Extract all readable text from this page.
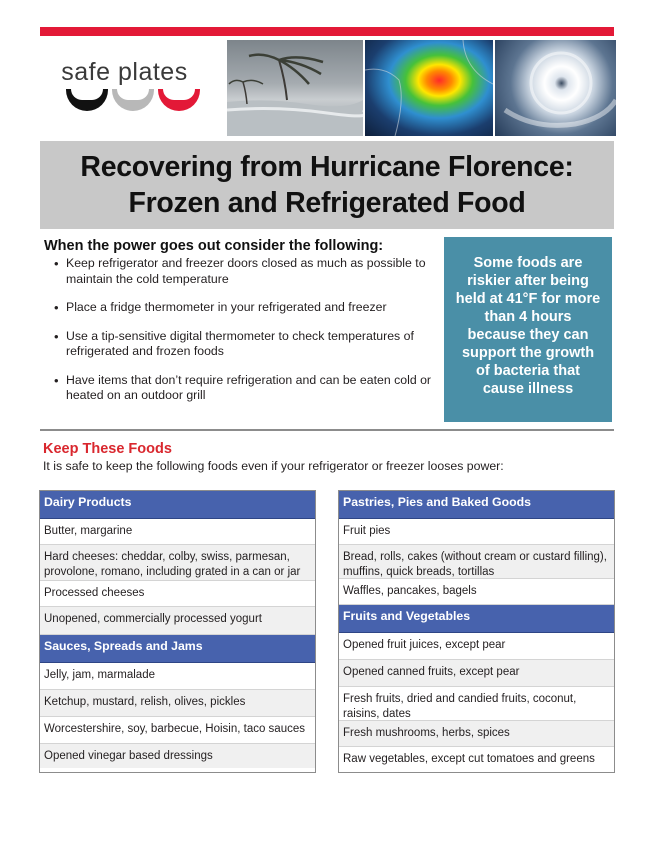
safe plates
Recovering from Hurricane Florence:
Frozen and Refrigerated Food
When the power goes out consider the following:
• Keep refrigerator and freezer doors closed as much as possible to maintain the cold temperature
• Place a fridge thermometer in your refrigerated and freezer
• Use a tip-sensitive digital thermometer to check temperatures of refrigerated and frozen foods
• Have items that don’t require refrigeration and can be eaten cold or heated on an outdoor grill
Some foods are riskier after being held at 41°F for more than 4 hours because they can support the growth of bacteria that cause illness
Keep These Foods
It is safe to keep the following foods even if your refrigerator or freezer looses power:
Dairy Products
Butter, margarine
Hard cheeses: cheddar, colby, swiss, parmesan, provolone, romano, including grated in a can or jar
Processed cheeses
Unopened, commercially processed yogurt
Sauces, Spreads and Jams
Jelly, jam, marmalade
Ketchup, mustard, relish, olives, pickles
Worcestershire, soy, barbecue, Hoisin, taco sauces
Opened vinegar based dressings
Pastries, Pies and Baked Goods
Fruit pies
Bread, rolls, cakes (without cream or custard filling), muffins, quick breads, tortillas
Waffles, pancakes, bagels
Fruits and Vegetables
Opened fruit juices, except pear
Opened canned fruits, except pear
Fresh fruits, dried and candied fruits, coconut, raisins, dates
Fresh mushrooms, herbs, spices
Raw vegetables, except cut tomatoes and greens
